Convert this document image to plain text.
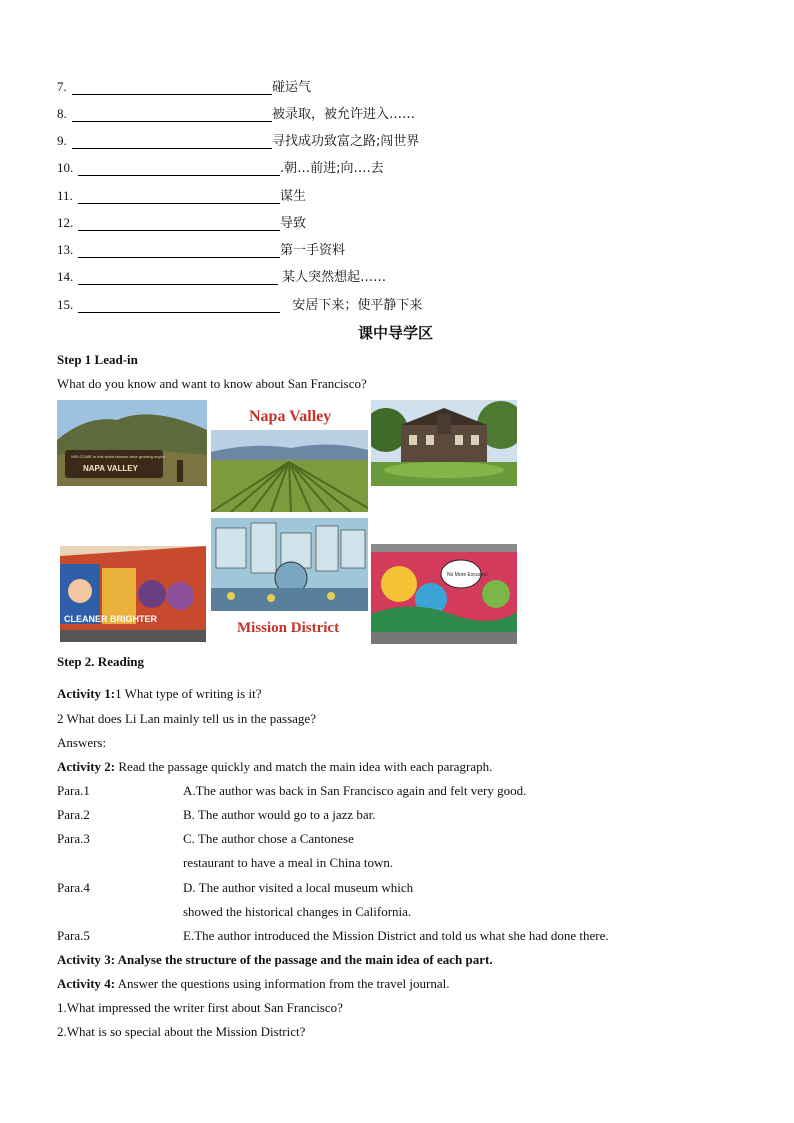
7.	碰运气
8.	被录取，被允许进入……
9.	寻找成功致富之路;闯世界
10.	.朝…前进;向….去
11.	谋生
12.	导致
13.	第一手资料
14.	某人突然想起……
15.	安居下来；使平静下来
课中导学区
Step 1 Lead-in
What do you know and want to know about San Francisco?
WELCOME to this world famous wine growing region
NAPA VALLEY
Napa Valley
CLEANER BRIGHTER
Mission District
No More Excuses!
Step 2. Reading
Activity 1:1 What type of writing is it?
2 What does Li Lan mainly tell us in the passage?
Answers:
Activity 2: Read the passage quickly and match the main idea with each paragraph.
Para.1	A.The author was back in San Francisco again and felt very good.
Para.2	B. The author would go to a jazz bar.
Para.3	C. The author chose a Cantonese
restaurant to have a meal in China town.
Para.4	D. The author visited a local museum which
showed the historical changes in California.
Para.5	E.The author introduced the Mission District and told us what she had done there.
Activity 3: Analyse the structure of the passage and the main idea of each part.
Activity 4: Answer the questions using information from the travel journal.
1.What impressed the writer first about San Francisco?
2.What is so special about the Mission District?
